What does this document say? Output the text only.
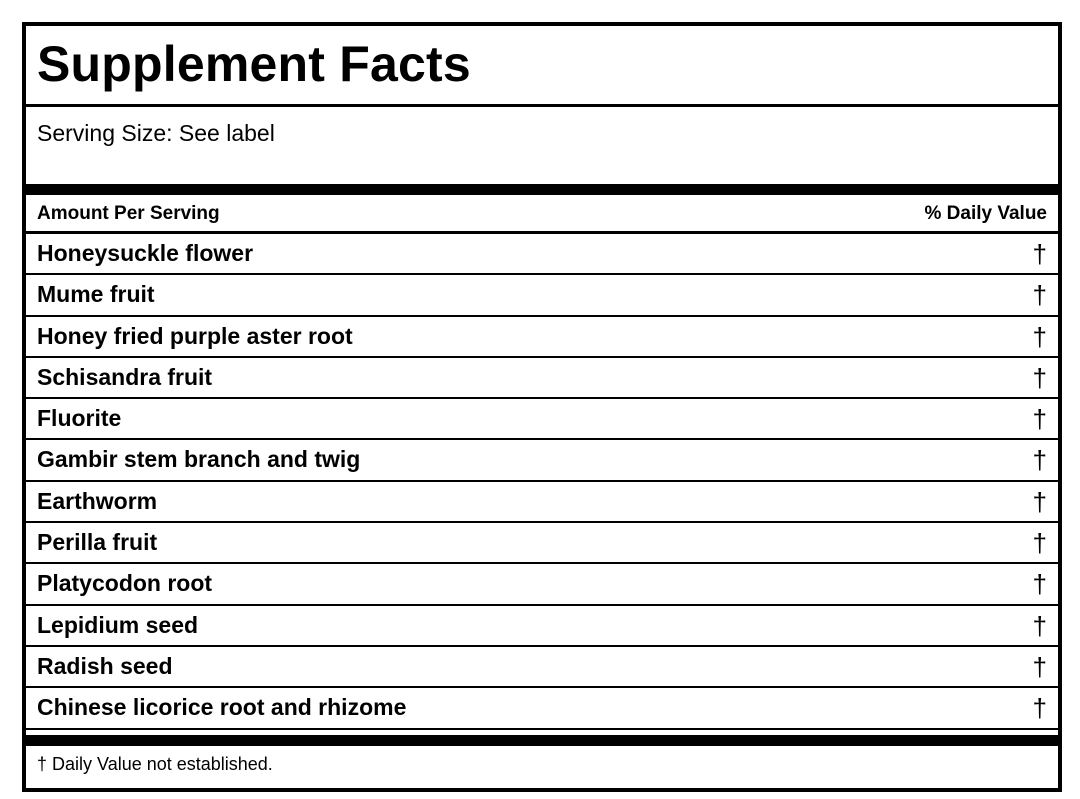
Supplement Facts
Serving Size: See label
Amount Per Serving	% Daily Value
Honeysuckle flower	†
Mume fruit	†
Honey fried purple aster root	†
Schisandra fruit	†
Fluorite	†
Gambir stem branch and twig	†
Earthworm	†
Perilla fruit	†
Platycodon root	†
Lepidium seed	†
Radish seed	†
Chinese licorice root and rhizome	†
† Daily Value not established.
